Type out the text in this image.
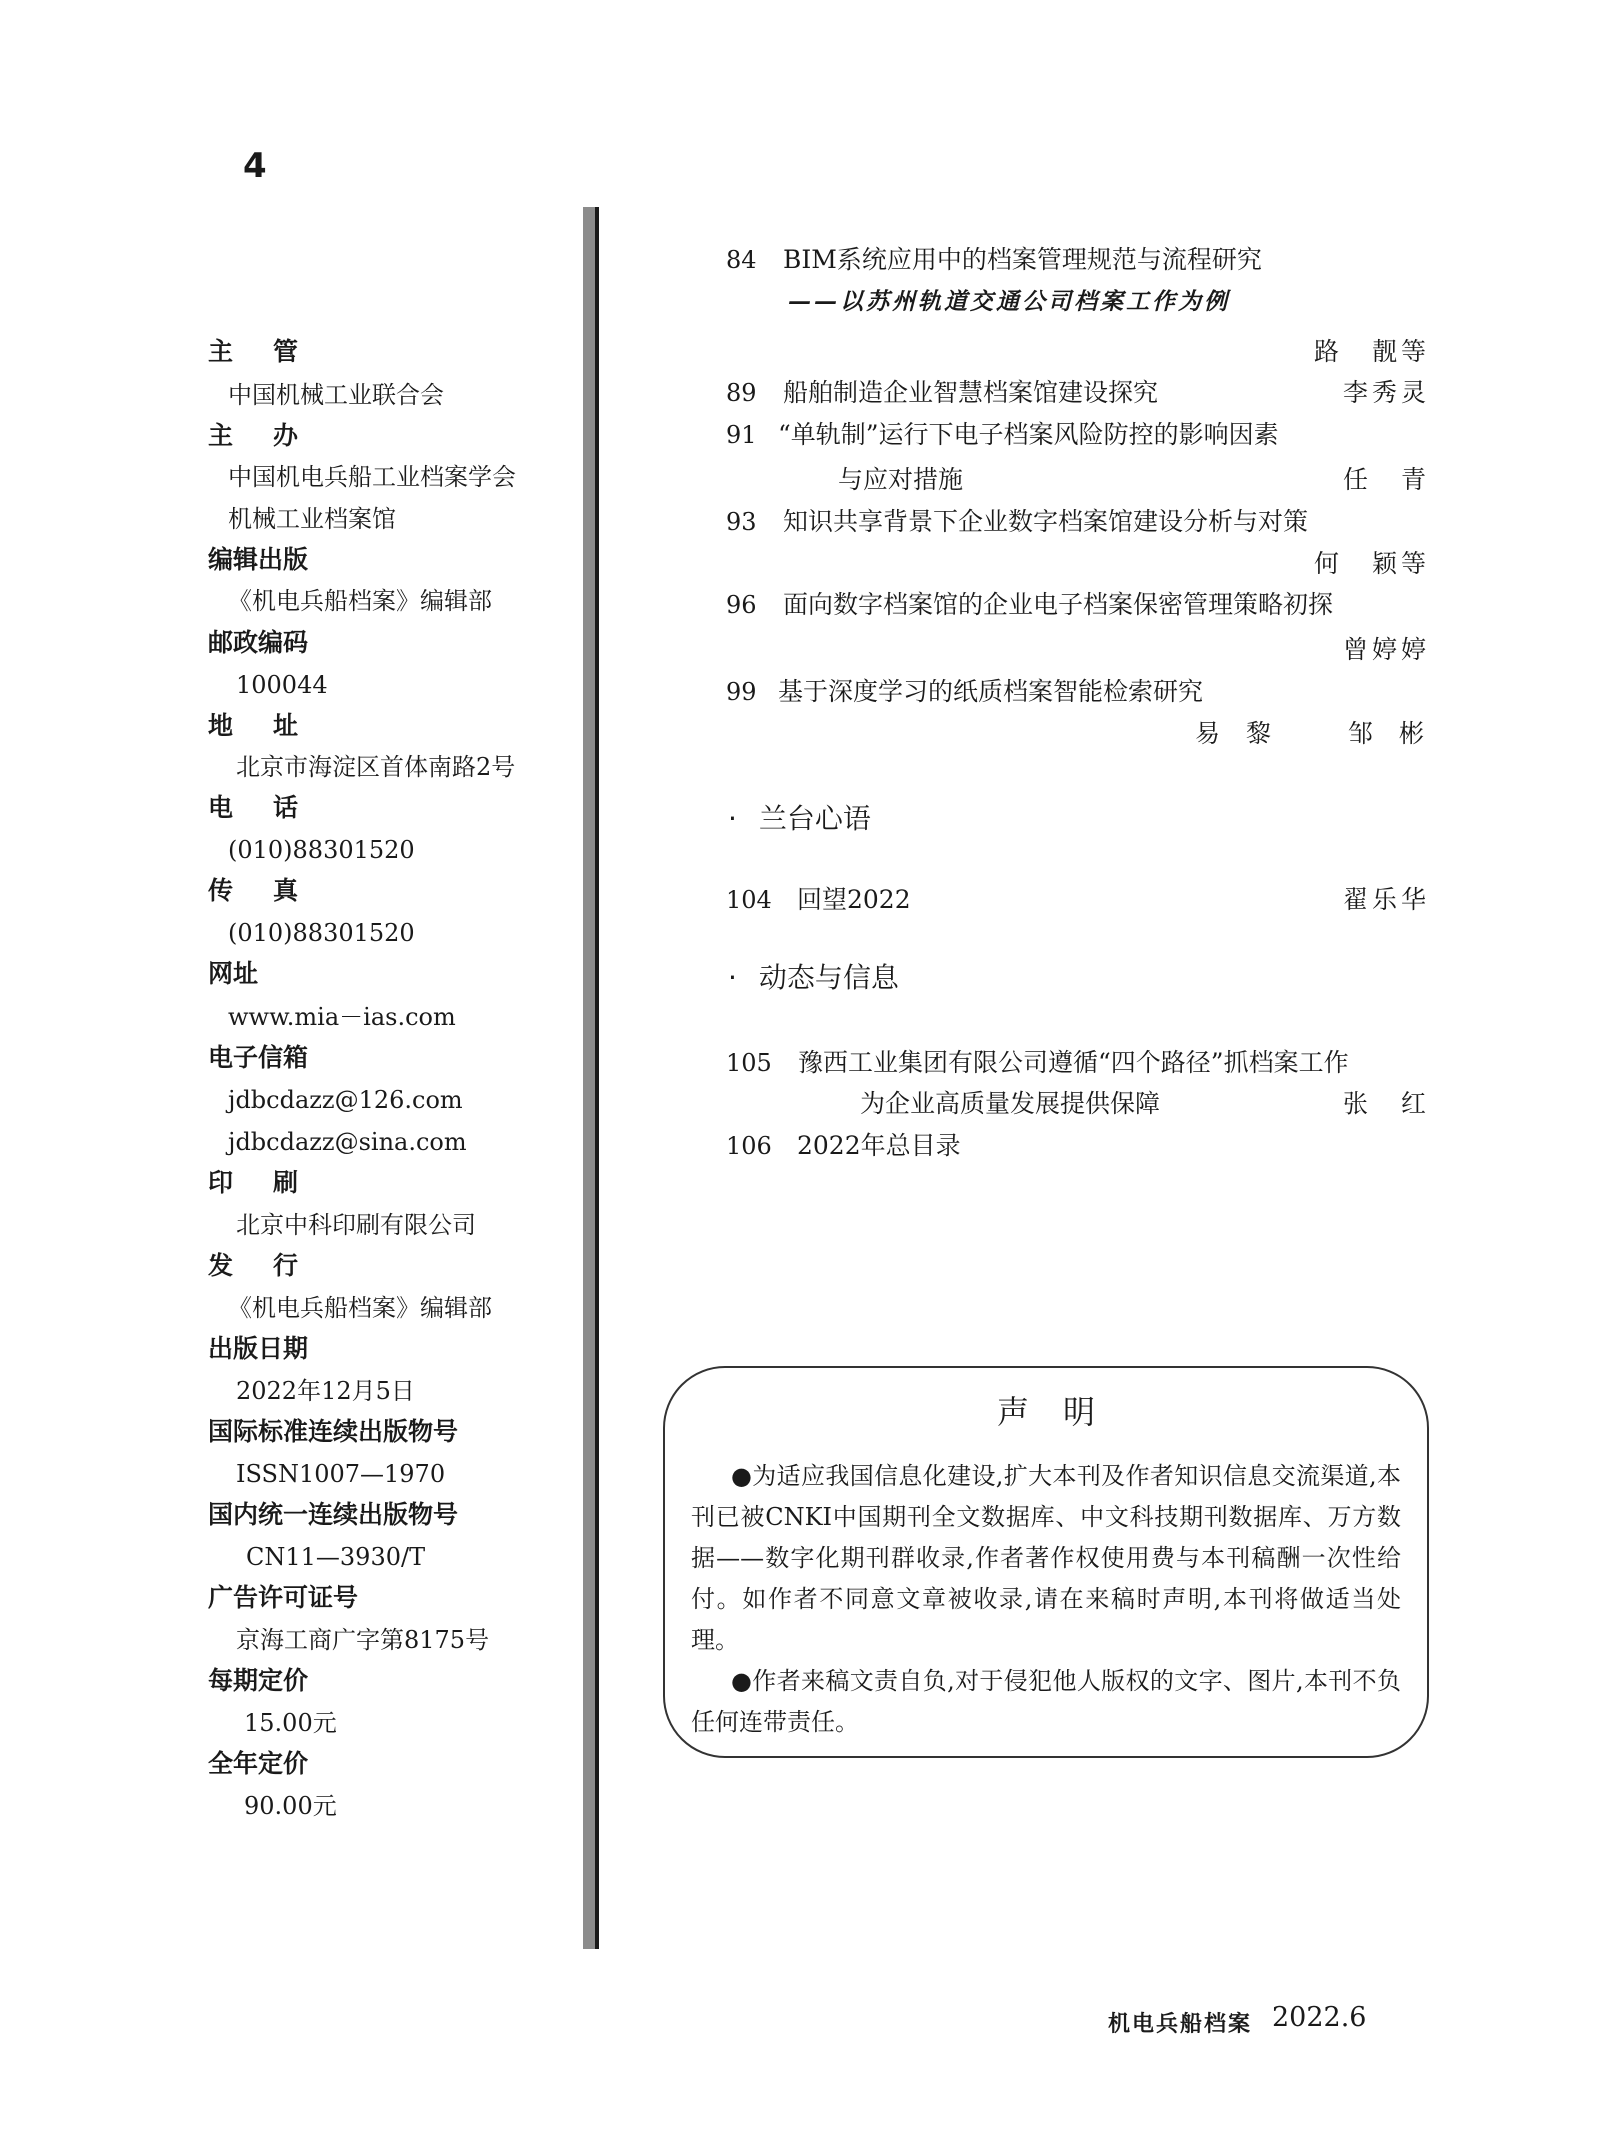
4
主管
中国机械工业联合会
主办
中国机电兵船工业档案学会
机械工业档案馆
编辑出版
《机电兵船档案》编辑部
邮政编码
100044
地址
北京市海淀区首体南路2号
电话
(010)88301520
传真
(010)88301520
网址
www.mia－ias.com
电子信箱
jdbcdazz@126.com
jdbcdazz@sina.com
印刷
北京中科印刷有限公司
发行
《机电兵船档案》编辑部
出版日期
2022年12月5日
国际标准连续出版物号
ISSN1007—1970
国内统一连续出版物号
CN11—3930/T
广告许可证号
京海工商广字第8175号
每期定价
15.00元
全年定价
90.00元
84 BIM系统应用中的档案管理规范与流程研究
——以苏州轨道交通公司档案工作为例
路　靓等
89 船舶制造企业智慧档案馆建设探究	李秀灵
91 “单轨制”运行下电子档案风险防控的影响因素
与应对措施	任　青
93 知识共享背景下企业数字档案馆建设分析与对策
何　颖等
96 面向数字档案馆的企业电子档案保密管理策略初探
曾婷婷
99 基于深度学习的纸质档案智能检索研究
易黎　邹彬
· 兰台心语
104 回望2022	翟乐华
· 动态与信息
105 豫西工业集团有限公司遵循“四个路径”抓档案工作
为企业高质量发展提供保障	张　红
106 2022年总目录
声明

●为适应我国信息化建设,扩大本刊及作者知识信息交流渠道,本刊已被CNKI中国期刊全文数据库、中文科技期刊数据库、万方数据——数字化期刊群收录,作者著作权使用费与本刊稿酬一次性给付。如作者不同意文章被收录,请在来稿时声明,本刊将做适当处理。

●作者来稿文责自负,对于侵犯他人版权的文字、图片,本刊不负任何连带责任。

机电兵船档案 2022.6
